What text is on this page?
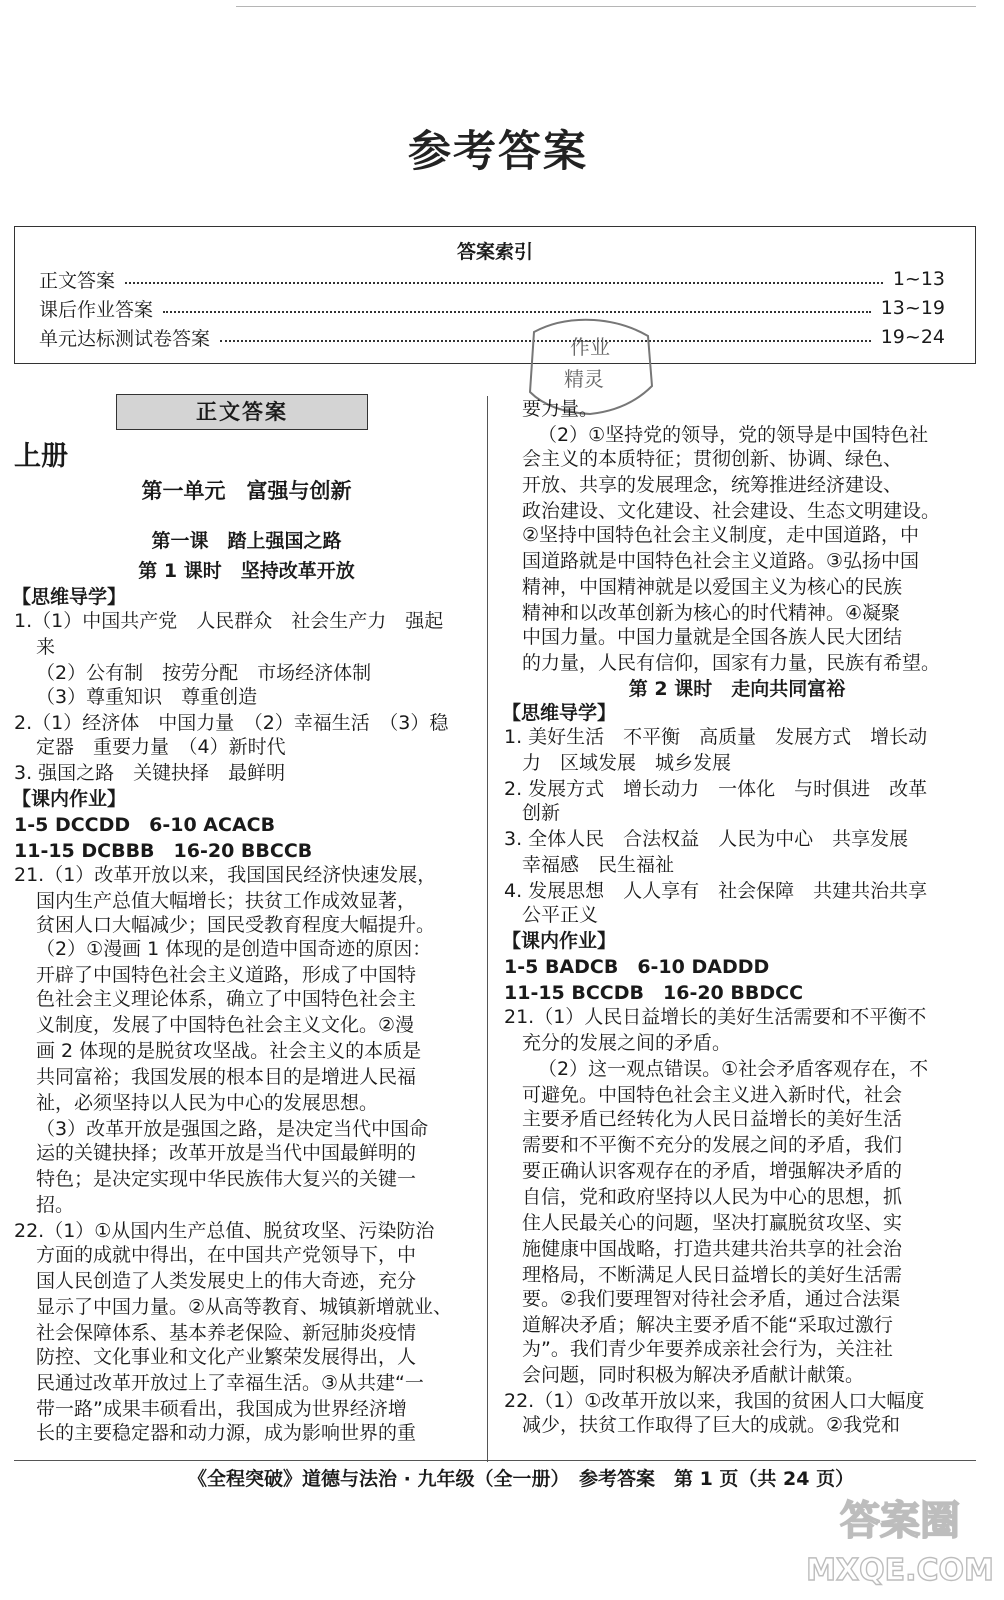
参考答案
答案索引
正文答案	1~13
课后作业答案	13~19
单元达标测试卷答案	19~24
作业
精灵
正文答案
上册
第一单元　富强与创新
第一课　踏上强国之路
第 1 课时　坚持改革开放
【思维导学】
1.（1）中国共产党　人民群众　社会生产力　强起
来
（2）公有制　按劳分配　市场经济体制
（3）尊重知识　尊重创造
2.（1）经济体　中国力量　（2）幸福生活　（3）稳
定器　重要力量　（4）新时代
3. 强国之路　关键抉择　最鲜明
【课内作业】
1-5 DCCDD　6-10 ACACB
11-15 DCBBB　16-20 BBCCB
21.（1）改革开放以来，我国国民经济快速发展，
国内生产总值大幅增长；扶贫工作成效显著，
贫困人口大幅减少；国民受教育程度大幅提升。
（2）①漫画 1 体现的是创造中国奇迹的原因：
开辟了中国特色社会主义道路，形成了中国特
色社会主义理论体系，确立了中国特色社会主
义制度，发展了中国特色社会主义文化。②漫
画 2 体现的是脱贫攻坚战。社会主义的本质是
共同富裕；我国发展的根本目的是增进人民福
祉，必须坚持以人民为中心的发展思想。
（3）改革开放是强国之路，是决定当代中国命
运的关键抉择；改革开放是当代中国最鲜明的
特色；是决定实现中华民族伟大复兴的关键一
招。
22.（1）①从国内生产总值、脱贫攻坚、污染防治
方面的成就中得出，在中国共产党领导下，中
国人民创造了人类发展史上的伟大奇迹，充分
显示了中国力量。②从高等教育、城镇新增就业、
社会保障体系、基本养老保险、新冠肺炎疫情
防控、文化事业和文化产业繁荣发展得出，人
民通过改革开放过上了幸福生活。③从共建“一
带一路”成果丰硕看出，我国成为世界经济增
长的主要稳定器和动力源，成为影响世界的重
要力量。
（2）①坚持党的领导，党的领导是中国特色社
会主义的本质特征；贯彻创新、协调、绿色、
开放、共享的发展理念，统筹推进经济建设、
政治建设、文化建设、社会建设、生态文明建设。
②坚持中国特色社会主义制度，走中国道路，中
国道路就是中国特色社会主义道路。③弘扬中国
精神，中国精神就是以爱国主义为核心的民族
精神和以改革创新为核心的时代精神。④凝聚
中国力量。中国力量就是全国各族人民大团结
的力量，人民有信仰，国家有力量，民族有希望。
第 2 课时　走向共同富裕
【思维导学】
1. 美好生活　不平衡　高质量　发展方式　增长动
力　区域发展　城乡发展
2. 发展方式　增长动力　一体化　与时俱进　改革
创新
3. 全体人民　合法权益　人民为中心　共享发展
幸福感　民生福祉
4. 发展思想　人人享有　社会保障　共建共治共享
公平正义
【课内作业】
1-5 BADCB　6-10 DADDD
11-15 BCCDB　16-20 BBDCC
21.（1）人民日益增长的美好生活需要和不平衡不
充分的发展之间的矛盾。
（2）这一观点错误。①社会矛盾客观存在，不
可避免。中国特色社会主义进入新时代，社会
主要矛盾已经转化为人民日益增长的美好生活
需要和不平衡不充分的发展之间的矛盾，我们
要正确认识客观存在的矛盾，增强解决矛盾的
自信，党和政府坚持以人民为中心的思想，抓
住人民最关心的问题，坚决打赢脱贫攻坚、实
施健康中国战略，打造共建共治共享的社会治
理格局，不断满足人民日益增长的美好生活需
要。②我们要理智对待社会矛盾，通过合法渠
道解决矛盾；解决主要矛盾不能“采取过激行
为”。我们青少年要养成亲社会行为，关注社
会问题，同时积极为解决矛盾献计献策。
22.（1）①改革开放以来，我国的贫困人口大幅度
减少，扶贫工作取得了巨大的成就。②我党和
《全程突破》道德与法治 · 九年级（全一册）　参考答案　第 1 页（共 24 页）
答案圈
MXQE.COM
